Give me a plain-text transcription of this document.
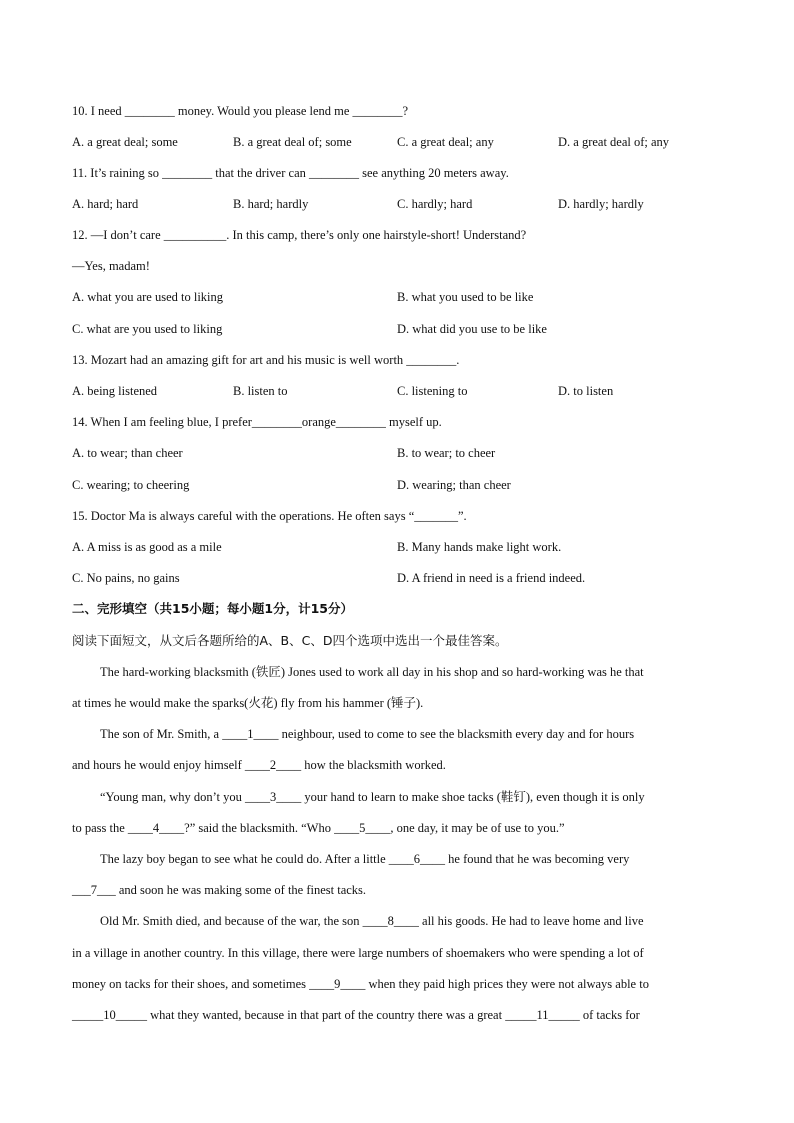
10. I need ________ money. Would you please lend me ________?
A. a great deal; some	B. a great deal of; some	C. a great deal; any	D. a great deal of; any
11. It’s raining so ________ that the driver can ________ see anything 20 meters away.
A. hard; hard	B. hard; hardly	C. hardly; hard	D. hardly; hardly
12. —I don’t care __________. In this camp, there’s only one hairstyle-short! Understand?
—Yes, madam!
A. what you are used to liking	B. what you used to be like
C. what are you used to liking	D. what did you use to be like
13. Mozart had an amazing gift for art and his music is well worth ________.
A. being listened	B. listen to	C. listening to	D. to listen
14. When I am feeling blue, I prefer________orange________ myself up.
A. to wear; than cheer	B. to wear; to cheer
C. wearing; to cheering	D. wearing; than cheer
15. Doctor Ma is always careful with the operations. He often says “_______”.
A. A miss is as good as a mile	B. Many hands make light work.
C. No pains, no gains	D. A friend in need is a friend indeed.
二、完形填空（共15小题；每小题1分，计15分）
阅读下面短文，从文后各题所给的A、B、C、D四个选项中选出一个最佳答案。
The hard-working blacksmith (铁匠) Jones used to work all day in his shop and so hard-working was he that
at times he would make the sparks(火花) fly from his hammer (锤子).
The son of Mr. Smith, a ____1____ neighbour, used to come to see the blacksmith every day and for hours
and hours he would enjoy himself ____2____ how the blacksmith worked.
“Young man, why don’t you ____3____ your hand to learn to make shoe tacks (鞋钉), even though it is only
to pass the ____4____?” said the blacksmith. “Who ____5____, one day, it may be of use to you.”
The lazy boy began to see what he could do. After a little ____6____ he found that he was becoming very
___7___ and soon he was making some of the finest tacks.
Old Mr. Smith died, and because of the war, the son ____8____ all his goods. He had to leave home and live
in a village in another country. In this village, there were large numbers of shoemakers who were spending a lot of
money on tacks for their shoes, and sometimes ____9____ when they paid high prices they were not always able to
_____10_____ what they wanted, because in that part of the country there was a great _____11_____ of tacks for
